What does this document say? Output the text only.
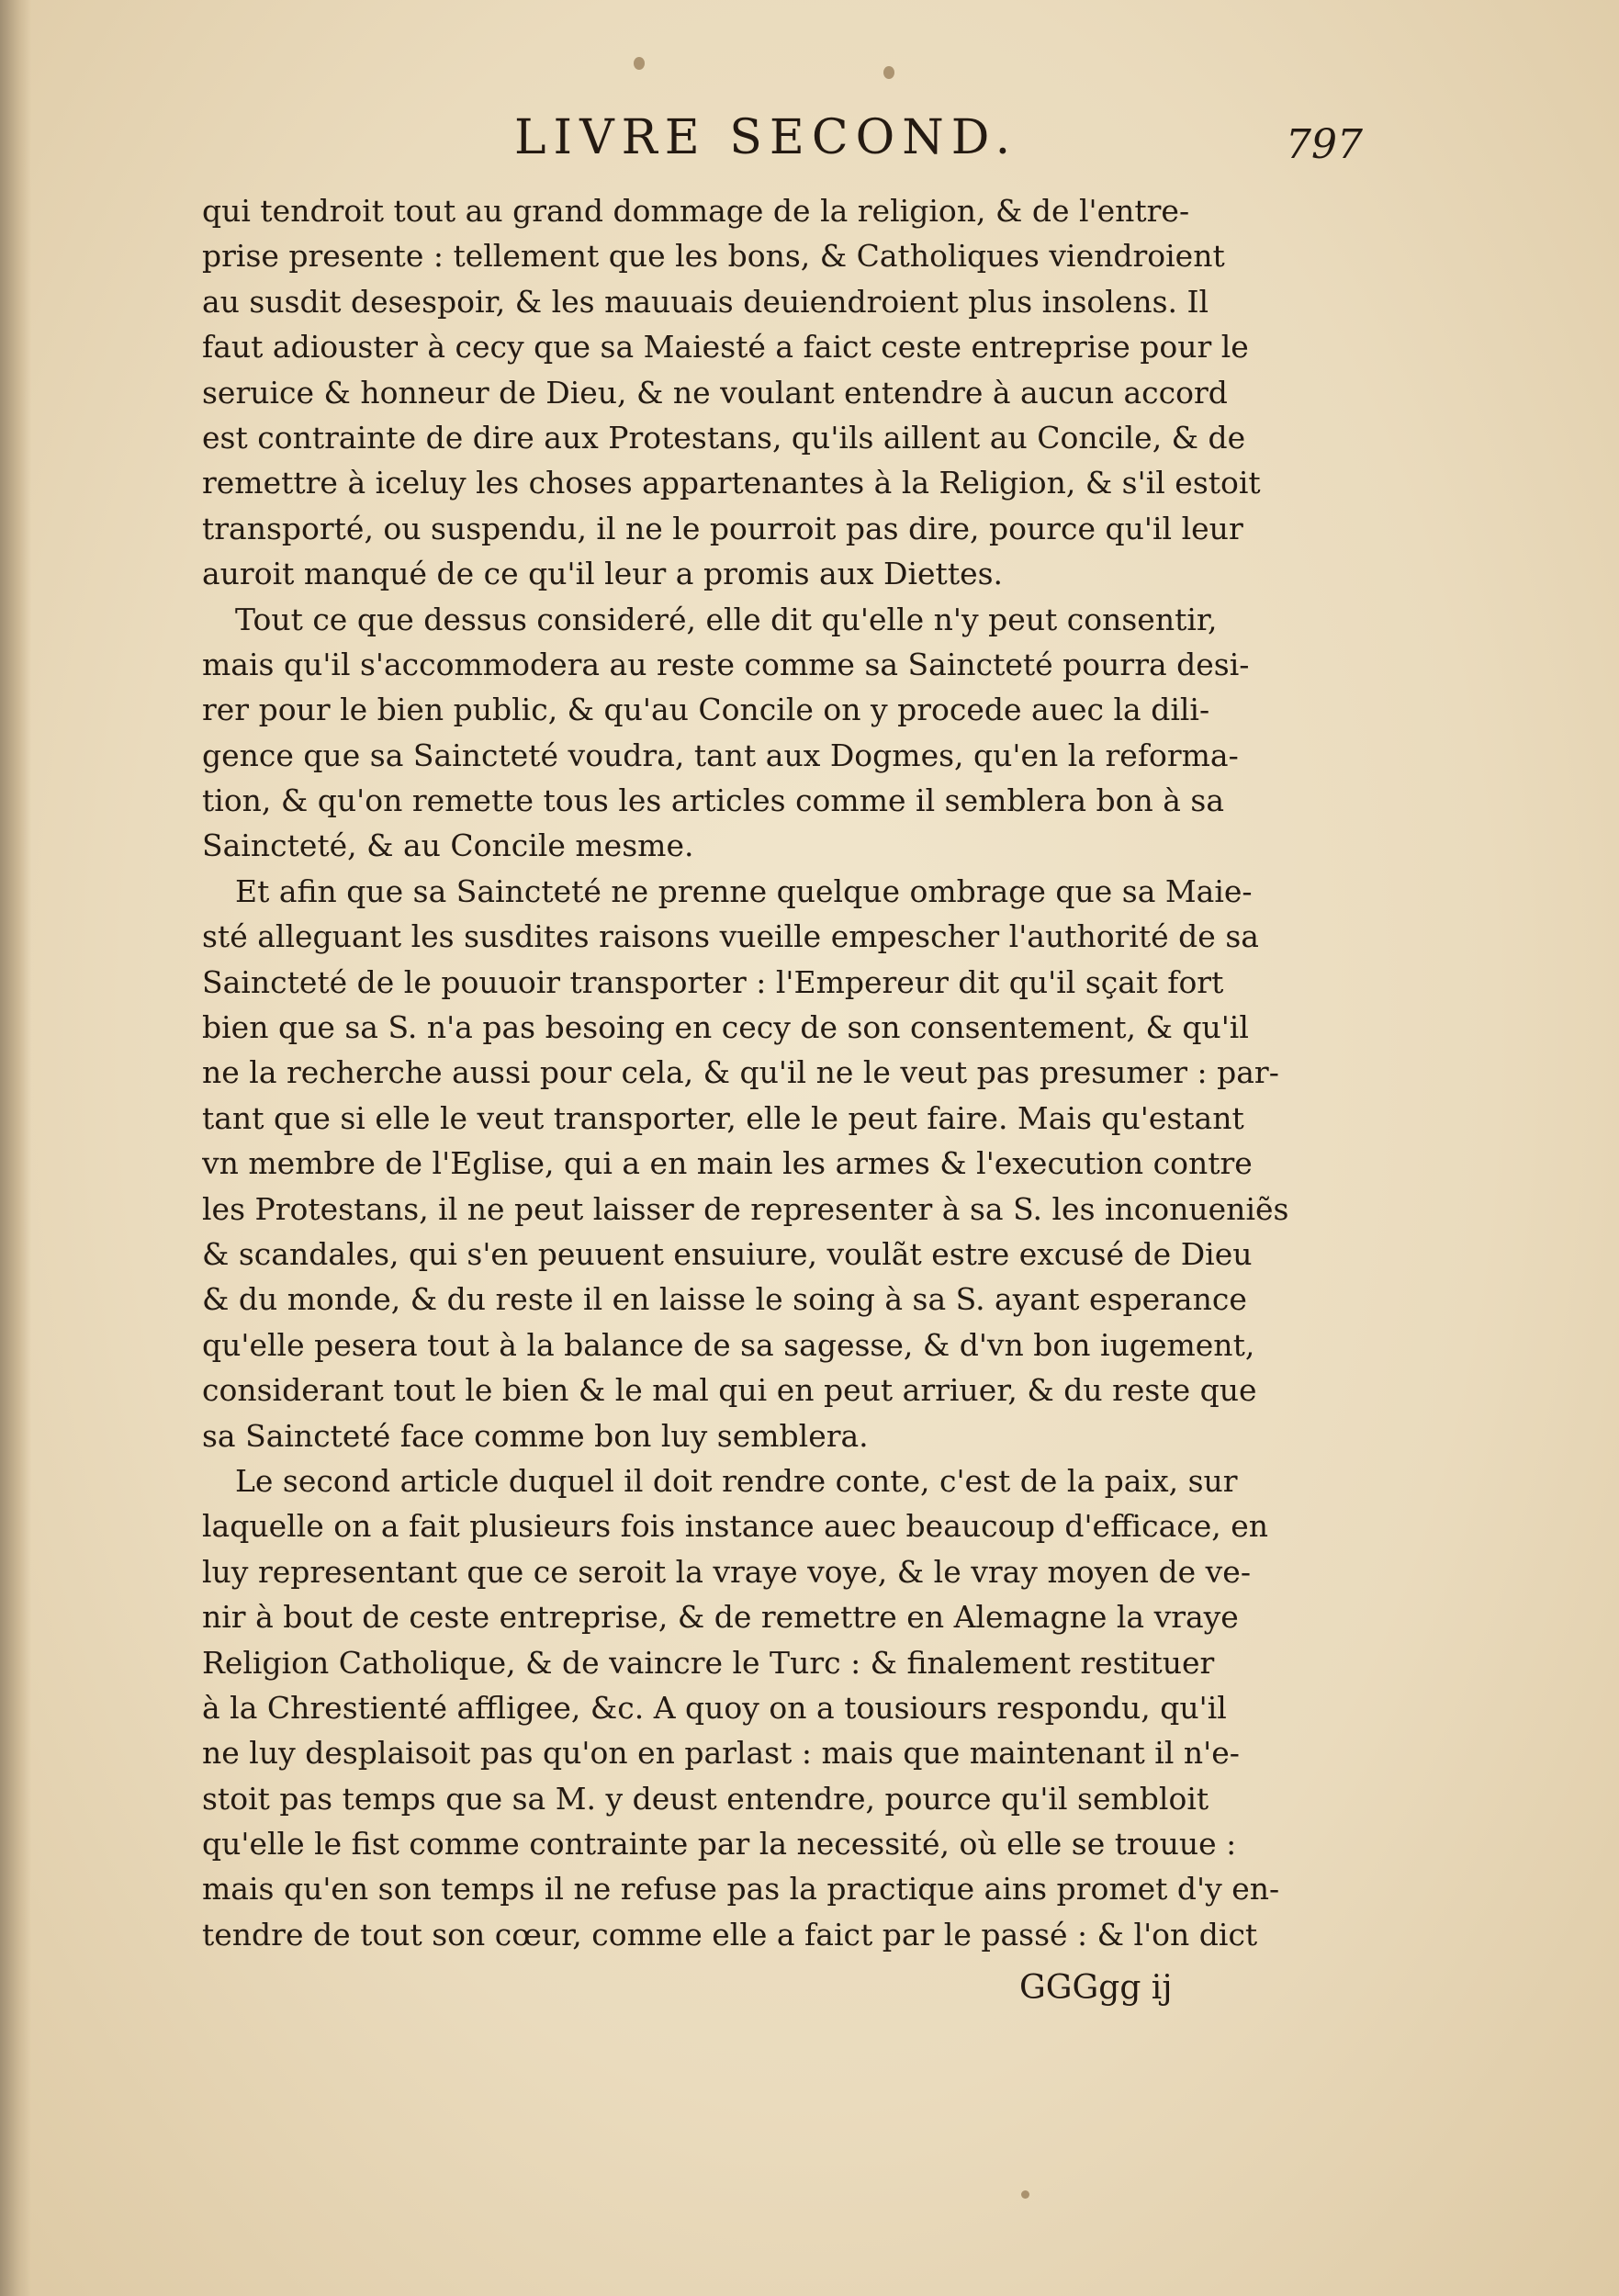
LIVRE SECOND.	797
qui tendroit tout au grand dommage de la religion, & de l'entre-
prise presente : tellement que les bons, & Catholiques viendroient
au susdit desespoir, & les mauuais deuiendroient plus insolens. Il
faut adiouster à cecy que sa Maiesté a faict ceste entreprise pour le
seruice & honneur de Dieu, & ne voulant entendre à aucun accord
est contrainte de dire aux Protestans, qu'ils aillent au Concile, & de
remettre à iceluy les choses appartenantes à la Religion, & s'il estoit
transporté, ou suspendu, il ne le pourroit pas dire, pource qu'il leur
auroit manqué de ce qu'il leur a promis aux Diettes.
Tout ce que dessus consideré, elle dit qu'elle n'y peut consentir,
mais qu'il s'accommodera au reste comme sa Saincteté pourra desi-
rer pour le bien public, & qu'au Concile on y procede auec la dili-
gence que sa Saincteté voudra, tant aux Dogmes, qu'en la reforma-
tion, & qu'on remette tous les articles comme il semblera bon à sa
Saincteté, & au Concile mesme.
Et afin que sa Saincteté ne prenne quelque ombrage que sa Maie-
sté alleguant les susdites raisons vueille empescher l'authorité de sa
Saincteté de le pouuoir transporter : l'Empereur dit qu'il sçait fort
bien que sa S. n'a pas besoing en cecy de son consentement, & qu'il
ne la recherche aussi pour cela, & qu'il ne le veut pas presumer : par-
tant que si elle le veut transporter, elle le peut faire. Mais qu'estant
vn membre de l'Eglise, qui a en main les armes & l'execution contre
les Protestans, il ne peut laisser de representer à sa S. les inconueniẽs
& scandales, qui s'en peuuent ensuiure, voulãt estre excusé de Dieu
& du monde, & du reste il en laisse le soing à sa S. ayant esperance
qu'elle pesera tout à la balance de sa sagesse, & d'vn bon iugement,
considerant tout le bien & le mal qui en peut arriuer, & du reste que
sa Saincteté face comme bon luy semblera.
Le second article duquel il doit rendre conte, c'est de la paix, sur
laquelle on a fait plusieurs fois instance auec beaucoup d'efficace, en
luy representant que ce seroit la vraye voye, & le vray moyen de ve-
nir à bout de ceste entreprise, & de remettre en Alemagne la vraye
Religion Catholique, & de vaincre le Turc : & finalement restituer
à la Chrestienté affligee, &c. A quoy on a tousiours respondu, qu'il
ne luy desplaisoit pas qu'on en parlast : mais que maintenant il n'e-
stoit pas temps que sa M. y deust entendre, pource qu'il sembloit
qu'elle le fist comme contrainte par la necessité, où elle se trouue :
mais qu'en son temps il ne refuse pas la practique ains promet d'y en-
tendre de tout son cœur, comme elle a faict par le passé : & l'on dict
GGGgg ij
